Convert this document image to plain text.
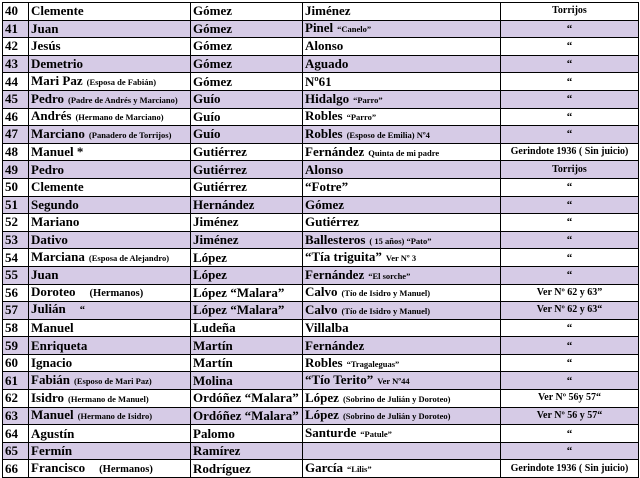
40	Clemente	Gómez	Jiménez	Torrijos
41	Juan	Gómez	Pinel “Canelo”	“
42	Jesús	Gómez	Alonso	“
43	Demetrio	Gómez	Aguado	“
44	Mari Paz (Esposa de Fabián)	Gómez	Nº61	“
45	Pedro (Padre de Andrés y Marciano)	Guío	Hidalgo “Parro”	“
46	Andrés (Hermano de Marciano)	Guío	Robles “Parro”	“
47	Marciano (Panadero de Torrijos)	Guío	Robles (Esposo de Emilia) Nº4	“
48	Manuel *	Gutiérrez	Fernández Quinta de mi padre	Gerindote 1936 ( Sin juicio)
49	Pedro	Gutiérrez	Alonso	Torrijos
50	Clemente	Gutiérrez	“Fotre”	“
51	Segundo	Hernández	Gómez	“
52	Mariano	Jiménez	Gutiérrez	“
53	Dativo	Jiménez	Ballesteros ( 15 años) “Pato”	“
54	Marciana (Esposa de Alejandro)	López	“Tía triguita” Ver Nº 3	“
55	Juan	López	Fernández “El sorche”	“
56	Doroteo (Hermanos)	López “Malara”	Calvo (Tío de Isidro y Manuel)	Ver Nº 62 y 63”
57	Julián “	López “Malara”	Calvo (Tío de Isidro y Manuel)	Ver Nº 62 y 63“
58	Manuel	Ludeña	Villalba	“
59	Enriqueta	Martín	Fernández	“
60	Ignacio	Martín	Robles “Tragaleguas”	“
61	Fabián (Esposo de Mari Paz)	Molina	“Tío Terito” Ver Nº44	“
62	Isidro (Hermano de Manuel)	Ordóñez “Malara”	López (Sobrino de Julián y Doroteo)	Ver Nº 56y 57“
63	Manuel (Hermano de Isidro)	Ordóñez “Malara”	López (Sobrino de Julián y Doroteo)	Ver Nº 56 y 57“
64	Agustín	Palomo	Santurde “Patule”	“
65	Fermín	Ramírez		“
66	Francisco (Hermanos)	Rodríguez	García “Lilis”	Gerindote 1936 ( Sin juicio)
